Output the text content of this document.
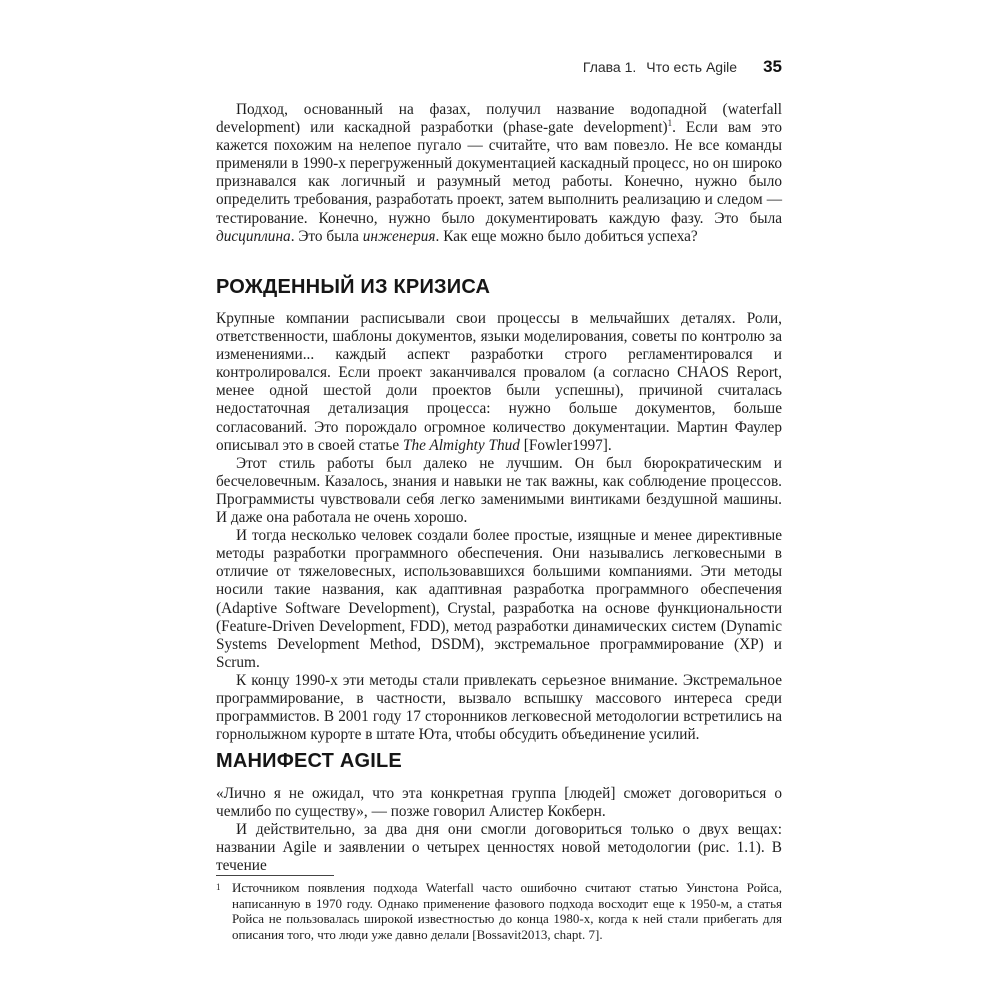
Глава 1. Что есть Agile 35

Подход, основанный на фазах, получил название водопадной (waterfall development) или каскадной разработки (phase-gate development)$^1$. Если вам это кажется похожим на нелепое пугало — считайте, что вам повезло. Не все команды применяли в 1990-х перегруженный документацией каскадный процесс, но он широко признавался как логичный и разумный метод работы. Конечно, нужно было определить требования, разработать проект, затем выполнить реализацию и следом — тестирование. Конечно, нужно было документировать каждую фазу. Это была дисциплина. Это была инженерия. Как еще можно было добиться успеха?

РОЖДЕННЫЙ ИЗ КРИЗИСА

Крупные компании расписывали свои процессы в мельчайших деталях. Роли, ответственности, шаблоны документов, языки моделирования, советы по контролю за изменениями... каждый аспект разработки строго регламентировался и контролировался. Если проект заканчивался провалом (а согласно CHAOS Report, менее одной шестой доли проектов были успешны), причиной считалась недостаточная детализация процесса: нужно больше документов, больше согласований. Это порождало огромное количество документации. Мартин Фаулер описывал это в своей статье The Almighty Thud [Fowler1997].

Этот стиль работы был далеко не лучшим. Он был бюрократическим и бесчеловечным. Казалось, знания и навыки не так важны, как соблюдение процессов. Программисты чувствовали себя легко заменимыми винтиками бездушной машины. И даже она работала не очень хорошо.

И тогда несколько человек создали более простые, изящные и менее директивные методы разработки программного обеспечения. Они назывались легковесными в отличие от тяжеловесных, использовавшихся большими компаниями. Эти методы носили такие названия, как адаптивная разработка программного обеспечения (Adaptive Software Development), Crystal, разработка на основе функциональности (Feature-Driven Development, FDD), метод разработки динамических систем (Dynamic Systems Development Method, DSDM), экстремальное программирование (XP) и Scrum.

К концу 1990-х эти методы стали привлекать серьезное внимание. Экстремальное программирование, в частности, вызвало вспышку массового интереса среди программистов. В 2001 году 17 сторонников легковесной методологии встретились на горнолыжном курорте в штате Юта, чтобы обсудить объединение усилий.

МАНИФЕСТ AGILE

«Лично я не ожидал, что эта конкретная группа [людей] сможет договориться о чемлибо по существу», — позже говорил Алистер Кокберн.

И действительно, за два дня они смогли договориться только о двух вещах: названии Agile и заявлении о четырех ценностях новой методологии (рис. 1.1). В течение

1 Источником появления подхода Waterfall часто ошибочно считают статью Уинстона Ройса, написанную в 1970 году. Однако применение фазового подхода восходит еще к 1950-м, а статья Ройса не пользовалась широкой известностью до конца 1980-х, когда к ней стали прибегать для описания того, что люди уже давно делали [Bossavit2013, chapt. 7].
